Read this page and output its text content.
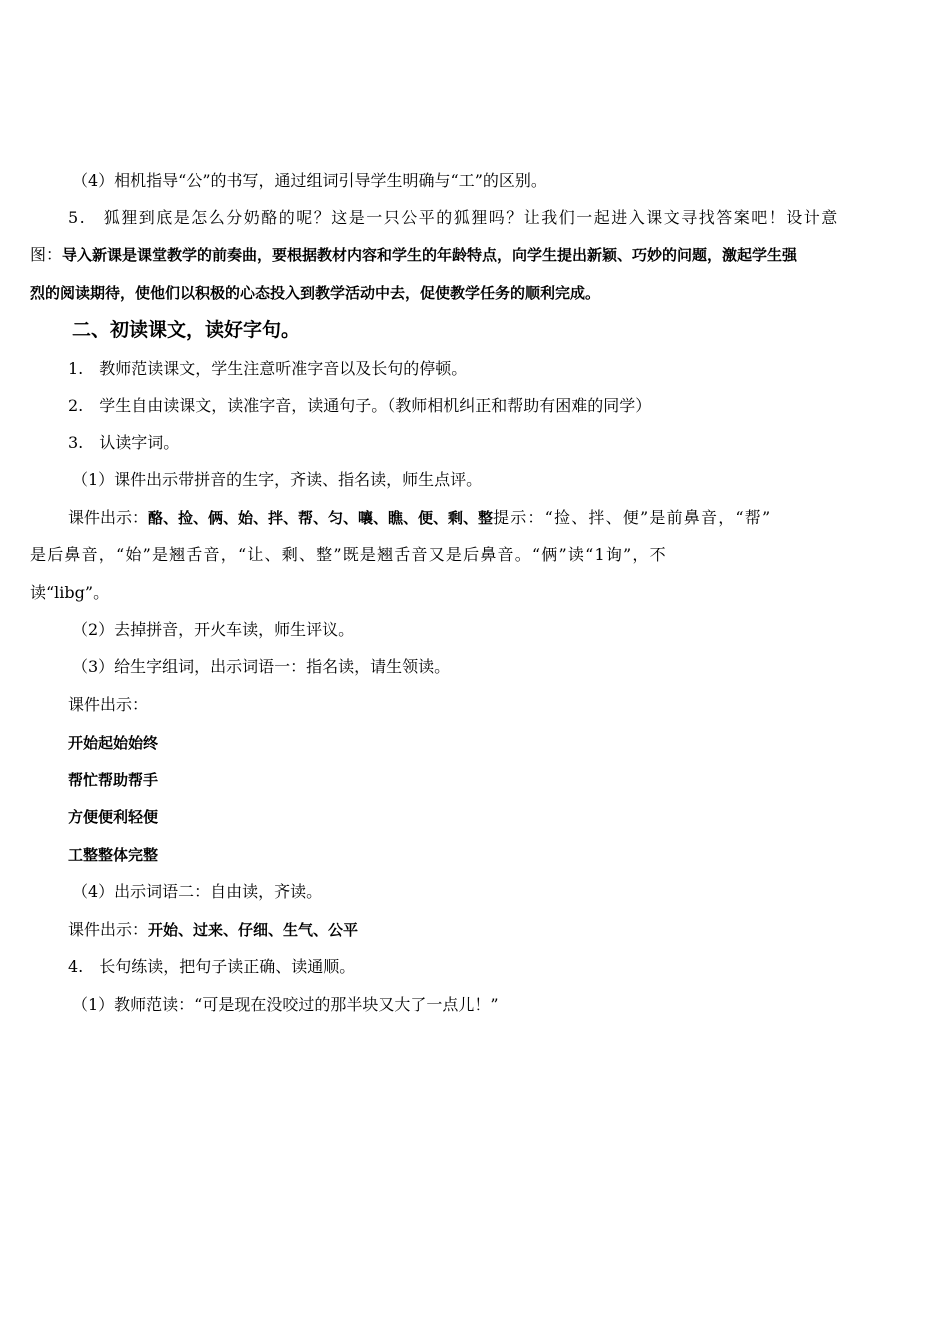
（4）相机指导“公”的书写，通过组词引导学生明确与“工”的区别。
5.　狐狸到底是怎么分奶酪的呢？这是一只公平的狐狸吗？让我们一起进入课文寻找答案吧！设计意
图：导入新课是课堂教学的前奏曲，要根据教材内容和学生的年龄特点，向学生提出新颖、巧妙的问题，激起学生强
烈的阅读期待，使他们以积极的心态投入到教学活动中去，促使教学任务的顺利完成。
二、初读课文，读好字句。
1.　教师范读课文，学生注意听准字音以及长句的停顿。
2.　学生自由读课文，读准字音，读通句子。（教师相机纠正和帮助有困难的同学）
3.　认读字词。
（1）课件出示带拼音的生字，齐读、指名读，师生点评。
课件出示：酪、捡、俩、始、拌、帮、匀、嚷、瞧、便、剩、整提示：“捡、拌、便”是前鼻音，“帮”
是后鼻音，“始”是翘舌音，“让、剩、整”既是翘舌音又是后鼻音。“俩”读“1询”，不
读“libg”。
（2）去掉拼音，开火车读，师生评议。
（3）给生字组词，出示词语一：指名读，请生领读。
课件出示：
开始起始始终
帮忙帮助帮手
方便便利轻便
工整整体完整
（4）出示词语二：自由读，齐读。
课件出示：开始、过来、仔细、生气、公平
4.　长句练读，把句子读正确、读通顺。
（1）教师范读：“可是现在没咬过的那半块又大了一点儿！”
